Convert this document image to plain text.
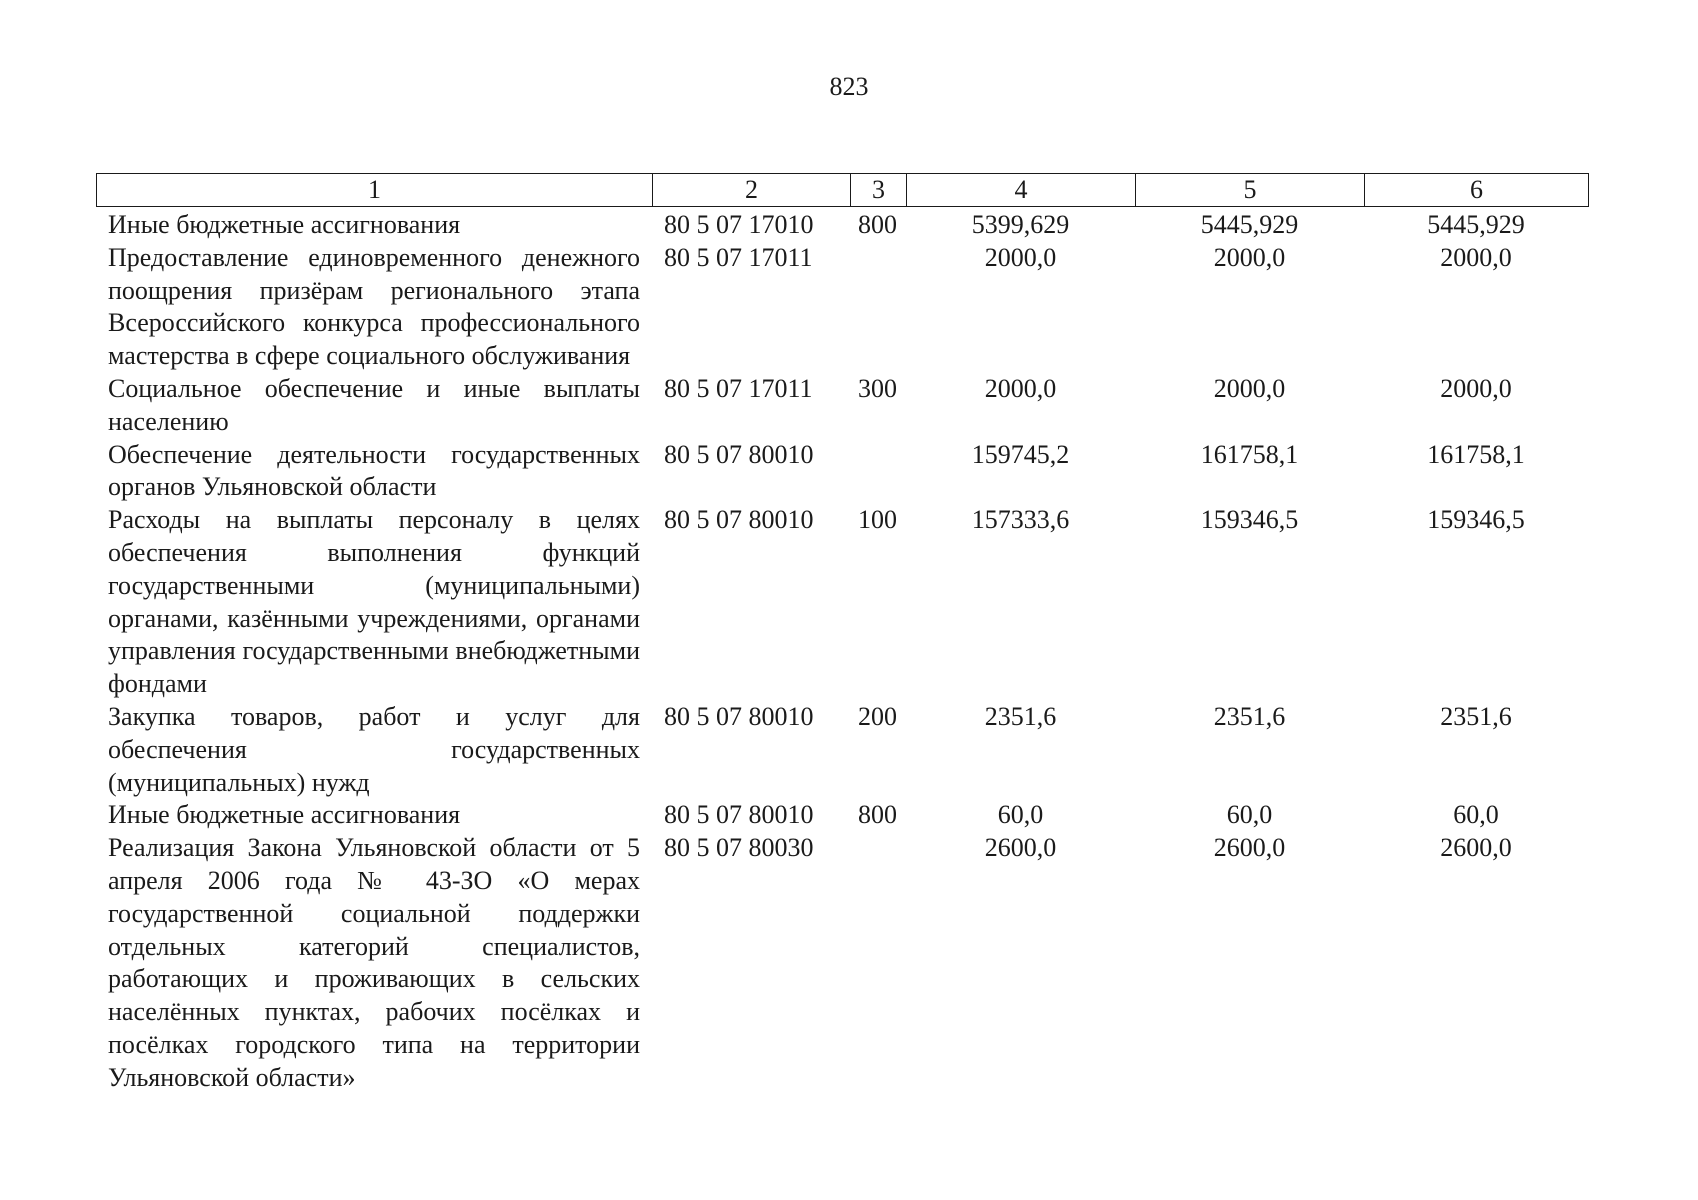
823
1	2	3	4	5	6
Иные бюджетные ассигнования	80 5 07 17010	800	5399,629	5445,929	5445,929
Предоставление единовременного денежного поощрения призёрам регионального этапа Всероссийского конкурса профессионального мастерства в сфере социального обслуживания	80 5 07 17011		2000,0	2000,0	2000,0
Социальное обеспечение и иные выплаты населению	80 5 07 17011	300	2000,0	2000,0	2000,0
Обеспечение деятельности государственных органов Ульяновской области	80 5 07 80010		159745,2	161758,1	161758,1
Расходы на выплаты персоналу в целях обеспечения выполнения функций государственными (муниципальными) органами, казёнными учреждениями, органами управления государственными внебюджетными фондами	80 5 07 80010	100	157333,6	159346,5	159346,5
Закупка товаров, работ и услуг для обеспечения государственных (муниципальных) нужд	80 5 07 80010	200	2351,6	2351,6	2351,6
Иные бюджетные ассигнования	80 5 07 80010	800	60,0	60,0	60,0
Реализация Закона Ульяновской области от 5 апреля 2006 года № 43-ЗО «О мерах государственной социальной поддержки отдельных категорий специалистов, работающих и проживающих в сельских населённых пунктах, рабочих посёлках и посёлках городского типа на территории Ульяновской области»	80 5 07 80030		2600,0	2600,0	2600,0
